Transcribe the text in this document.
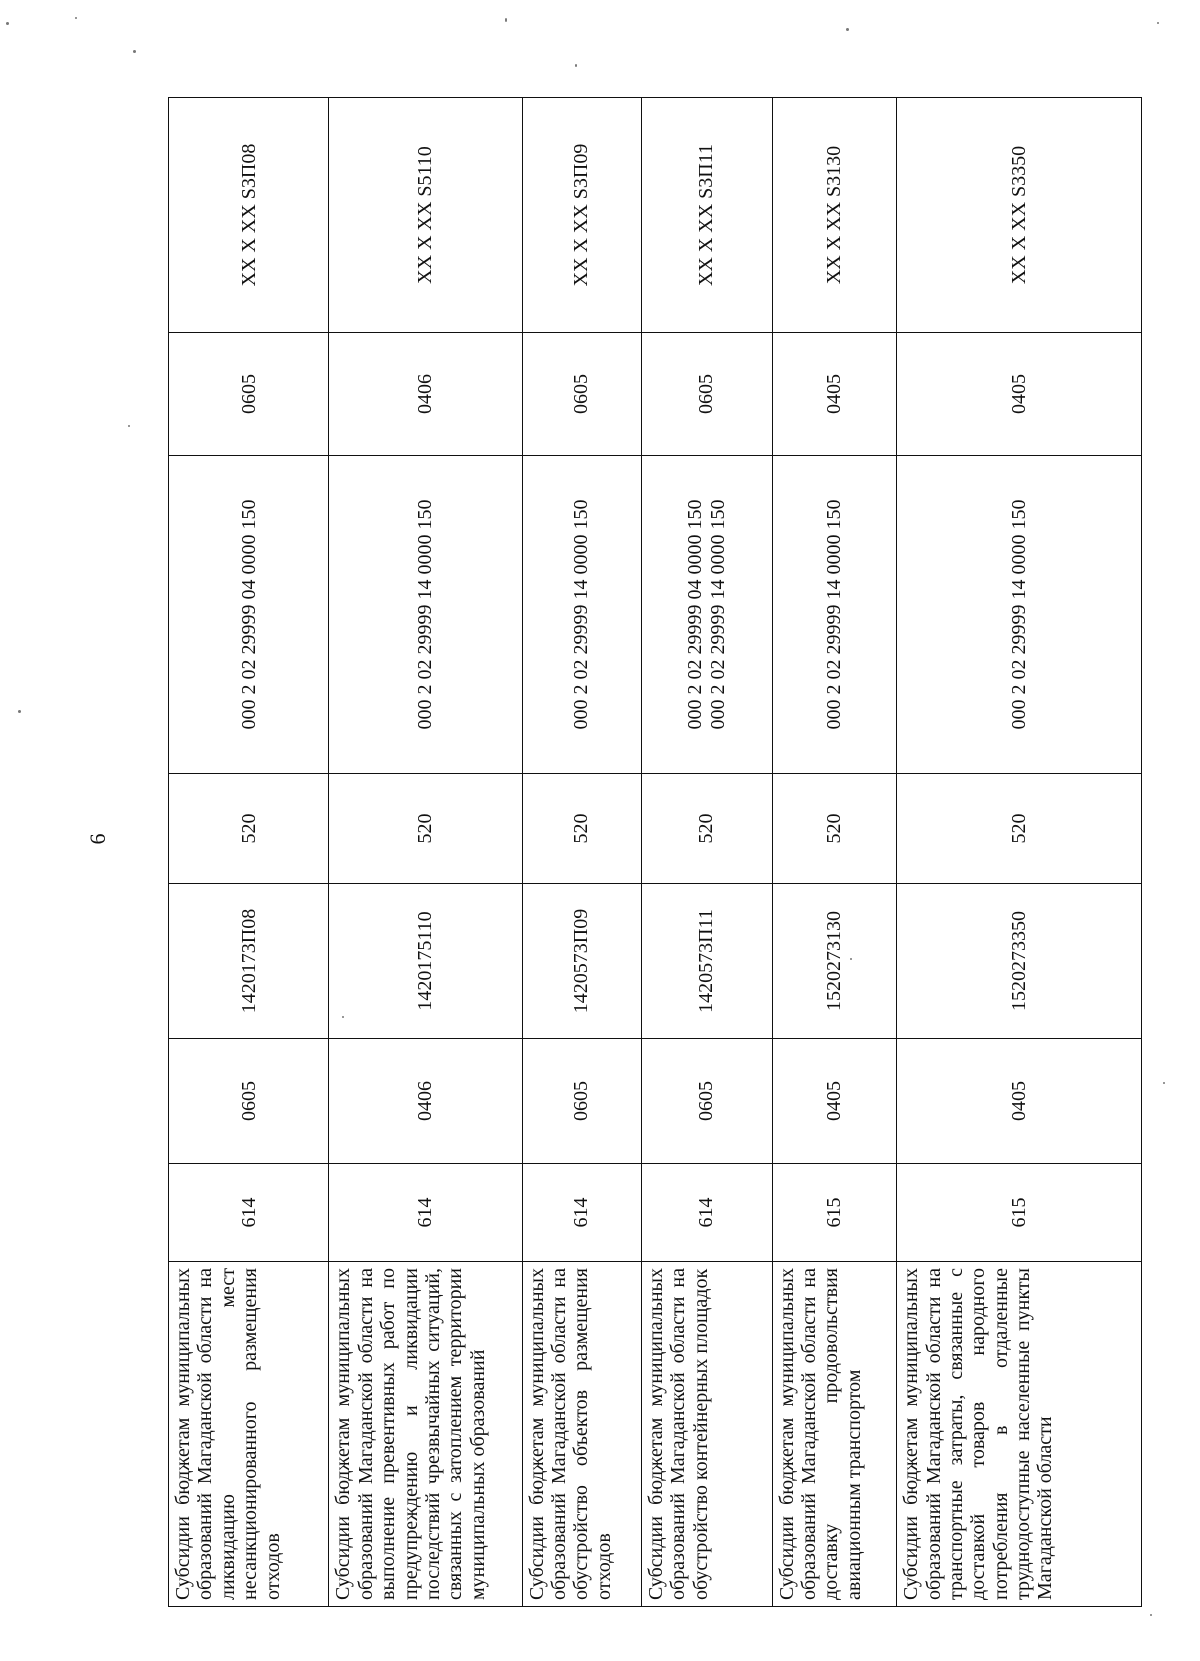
6
Субсидии бюджетам муниципальных образований Магаданской области на ликвидацию мест несанкционированного размещения отходов	614	0605	1420173П08	520	000 2 02 29999 04 0000 150	0605	XX X XX S3П08
Субсидии бюджетам муниципальных образований Магаданской области на выполнение превентивных работ по предупреждению и ликвидации последствий чрезвычайных ситуаций, связанных с затоплением территории муниципальных образований	614	0406	1420175110	520	000 2 02 29999 14 0000 150	0406	XX X XX S5110
Субсидии бюджетам муниципальных образований Магаданской области на обустройство объектов размещения отходов	614	0605	1420573П09	520	000 2 02 29999 14 0000 150	0605	XX X XX S3П09
Субсидии бюджетам муниципальных образований Магаданской области на обустройство контейнерных площадок	614	0605	1420573П11	520	000 2 02 29999 04 0000 150 000 2 02 29999 14 0000 150	0605	XX X XX S3П11
Субсидии бюджетам муниципальных образований Магаданской области на доставку продовольствия авиационным транспортом	615	0405	1520273130	520	000 2 02 29999 14 0000 150	0405	XX X XX S3130
Субсидии бюджетам муниципальных образований Магаданской области на транспортные затраты, связанные с доставкой товаров народного потребления в отдаленные труднодоступные населенные пункты Магаданской области	615	0405	1520273350	520	000 2 02 29999 14 0000 150	0405	XX X XX S3350
